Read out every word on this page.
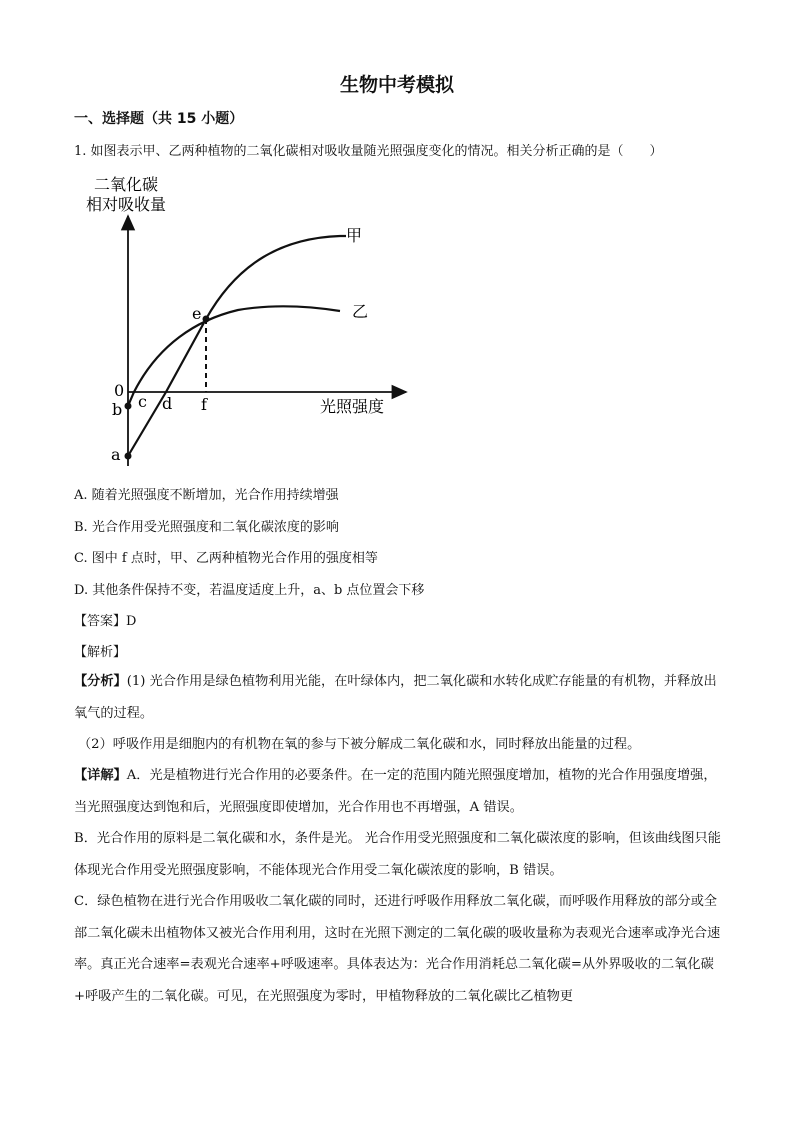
生物中考模拟
一、选择题（共 15 小题）
1. 如图表示甲、乙两种植物的二氧化碳相对吸收量随光照强度变化的情况。相关分析正确的是（　　）
二氧化碳
相对吸收量
甲
乙
0
a
b c d
e
f	光照强度
A. 随着光照强度不断增加，光合作用持续增强
B. 光合作用受光照强度和二氧化碳浓度的影响
C. 图中 f 点时，甲、乙两种植物光合作用的强度相等
D. 其他条件保持不变，若温度适度上升，a、b 点位置会下移
【答案】D
【解析】
【分析】(1) 光合作用是绿色植物利用光能，在叶绿体内，把二氧化碳和水转化成贮存能量的有机物，并释放出氧气的过程。
（2）呼吸作用是细胞内的有机物在氧的参与下被分解成二氧化碳和水，同时释放出能量的过程。
【详解】A．光是植物进行光合作用的必要条件。在一定的范围内随光照强度增加，植物的光合作用强度增强，当光照强度达到饱和后，光照强度即使增加，光合作用也不再增强，A 错误。
B．光合作用的原料是二氧化碳和水，条件是光。 光合作用受光照强度和二氧化碳浓度的影响，但该曲线图只能体现光合作用受光照强度影响，不能体现光合作用受二氧化碳浓度的影响，B 错误。
C．绿色植物在进行光合作用吸收二氧化碳的同时，还进行呼吸作用释放二氧化碳，而呼吸作用释放的部分或全部二氧化碳未出植物体又被光合作用利用，这时在光照下测定的二氧化碳的吸收量称为表观光合速率或净光合速率。真正光合速率=表观光合速率+呼吸速率。具体表达为：光合作用消耗总二氧化碳=从外界吸收的二氧化碳+呼吸产生的二氧化碳。可见，在光照强度为零时，甲植物释放的二氧化碳比乙植物更
